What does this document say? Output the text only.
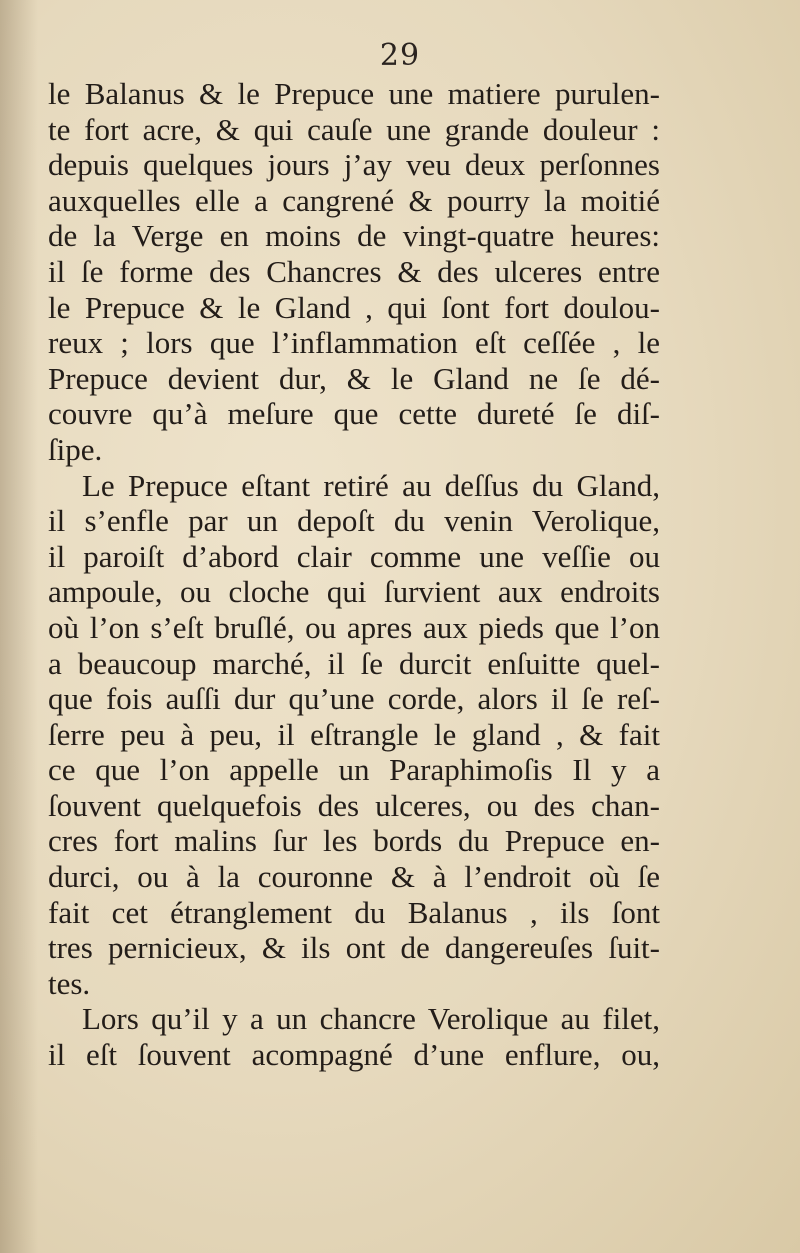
29
le Balanus & le Prepuce une matiere purulen-
te fort acre, & qui cauſe une grande douleur :
depuis quelques jours j’ay veu deux perſonnes
auxquelles elle a cangrené & pourry la moitié
de la Verge en moins de vingt-quatre heures:
il ſe forme des Chancres & des ulceres entre
le Prepuce & le Gland , qui ſont fort doulou-
reux ; lors que l’inflammation eſt ceſſée , le
Prepuce devient dur, & le Gland ne ſe dé-
couvre qu’à meſure que cette dureté ſe diſ-
ſipe.
Le Prepuce eſtant retiré au deſſus du Gland,
il s’enfle par un depoſt du venin Verolique,
il paroiſt d’abord clair comme une veſſie ou
ampoule, ou cloche qui ſurvient aux endroits
où l’on s’eſt bruſlé, ou apres aux pieds que l’on
a beaucoup marché, il ſe durcit enſuitte quel-
que fois auſſi dur qu’une corde, alors il ſe reſ-
ſerre peu à peu, il eſtrangle le gland , & fait
ce que l’on appelle un Paraphimoſis Il y a
ſouvent quelquefois des ulceres, ou des chan-
cres fort malins ſur les bords du Prepuce en-
durci, ou à la couronne & à l’endroit où ſe
fait cet étranglement du Balanus , ils ſont
tres pernicieux, & ils ont de dangereuſes ſuit-
tes.
Lors qu’il y a un chancre Verolique au filet,
il eſt ſouvent acompagné d’une enflure, ou,
